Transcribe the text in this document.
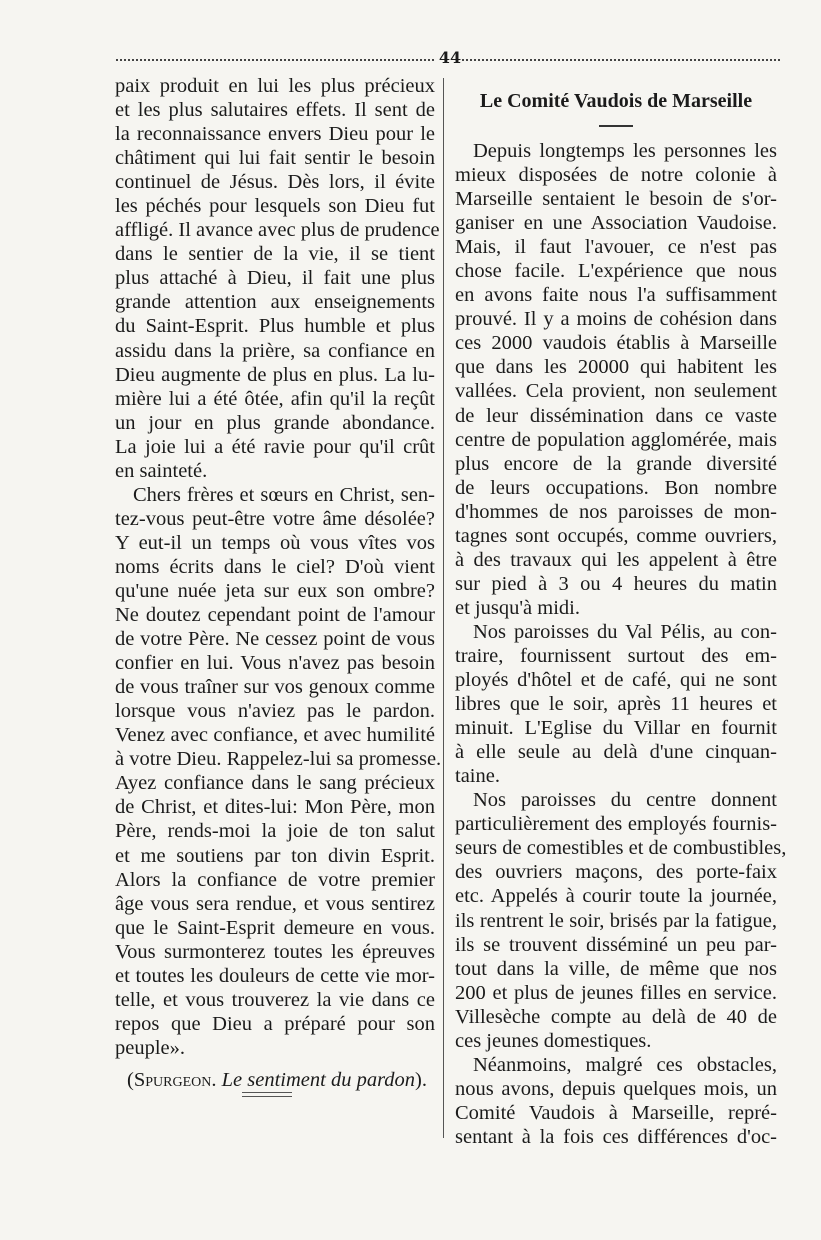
44
paix produit en lui les plus précieux
et les plus salutaires effets. Il sent de
la reconnaissance envers Dieu pour le
châtiment qui lui fait sentir le besoin
continuel de Jésus. Dès lors, il évite
les péchés pour lesquels son Dieu fut
affligé. Il avance avec plus de prudence
dans le sentier de la vie, il se tient
plus attaché à Dieu, il fait une plus
grande attention aux enseignements
du Saint-Esprit. Plus humble et plus
assidu dans la prière, sa confiance en
Dieu augmente de plus en plus. La lu-
mière lui a été ôtée, afin qu'il la reçût
un jour en plus grande abondance.
La joie lui a été ravie pour qu'il crût
en sainteté.
Chers frères et sœurs en Christ, sen-
tez-vous peut-être votre âme désolée?
Y eut-il un temps où vous vîtes vos
noms écrits dans le ciel? D'où vient
qu'une nuée jeta sur eux son ombre?
Ne doutez cependant point de l'amour
de votre Père. Ne cessez point de vous
confier en lui. Vous n'avez pas besoin
de vous traîner sur vos genoux comme
lorsque vous n'aviez pas le pardon.
Venez avec confiance, et avec humilité
à votre Dieu. Rappelez-lui sa promesse.
Ayez confiance dans le sang précieux
de Christ, et dites-lui: Mon Père, mon
Père, rends-moi la joie de ton salut
et me soutiens par ton divin Esprit.
Alors la confiance de votre premier
âge vous sera rendue, et vous sentirez
que le Saint-Esprit demeure en vous.
Vous surmonterez toutes les épreuves
et toutes les douleurs de cette vie mor-
telle, et vous trouverez la vie dans ce
repos que Dieu a préparé pour son
peuple».
(Spurgeon. Le sentiment du pardon).
Le Comité Vaudois de Marseille
Depuis longtemps les personnes les
mieux disposées de notre colonie à
Marseille sentaient le besoin de s'or-
ganiser en une Association Vaudoise.
Mais, il faut l'avouer, ce n'est pas
chose facile. L'expérience que nous
en avons faite nous l'a suffisamment
prouvé. Il y a moins de cohésion dans
ces 2000 vaudois établis à Marseille
que dans les 20000 qui habitent les
vallées. Cela provient, non seulement
de leur dissémination dans ce vaste
centre de population agglomérée, mais
plus encore de la grande diversité
de leurs occupations. Bon nombre
d'hommes de nos paroisses de mon-
tagnes sont occupés, comme ouvriers,
à des travaux qui les appelent à être
sur pied à 3 ou 4 heures du matin
et jusqu'à midi.
Nos paroisses du Val Pélis, au con-
traire, fournissent surtout des em-
ployés d'hôtel et de café, qui ne sont
libres que le soir, après 11 heures et
minuit. L'Eglise du Villar en fournit
à elle seule au delà d'une cinquan-
taine.
Nos paroisses du centre donnent
particulièrement des employés fournis-
seurs de comestibles et de combustibles,
des ouvriers maçons, des porte-faix
etc. Appelés à courir toute la journée,
ils rentrent le soir, brisés par la fatigue,
ils se trouvent disséminé un peu par-
tout dans la ville, de même que nos
200 et plus de jeunes filles en service.
Villesèche compte au delà de 40 de
ces jeunes domestiques.
Néanmoins, malgré ces obstacles,
nous avons, depuis quelques mois, un
Comité Vaudois à Marseille, repré-
sentant à la fois ces différences d'oc-
